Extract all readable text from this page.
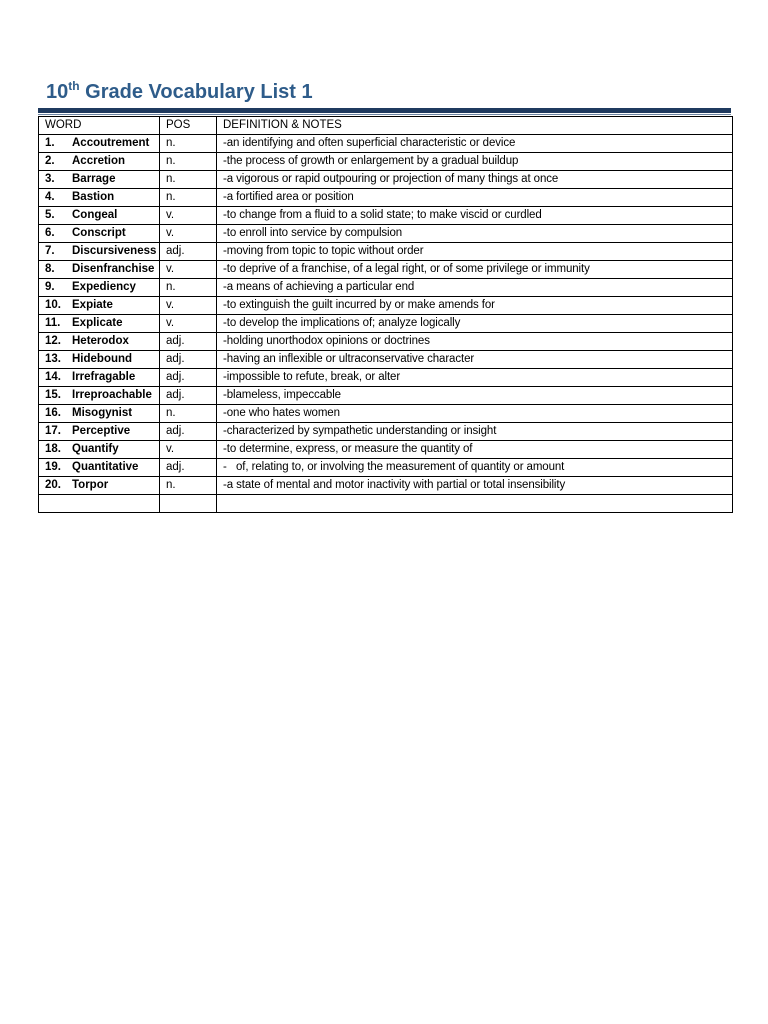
10th Grade Vocabulary List 1
WORD	POS	DEFINITION & NOTES
1. Accoutrement	n.	-an identifying and often superficial characteristic or device
2. Accretion	n.	-the process of growth or enlargement by a gradual buildup
3. Barrage	n.	-a vigorous or rapid outpouring or projection of many things at once
4. Bastion	n.	-a fortified area or position
5. Congeal	v.	-to change from a fluid to a solid state; to make viscid or curdled
6. Conscript	v.	-to enroll into service by compulsion
7. Discursiveness	adj.	-moving from topic to topic without order
8. Disenfranchise	v.	-to deprive of a franchise, of a legal right, or of some privilege or immunity
9. Expediency	n.	-a means of achieving a particular end
10. Expiate	v.	-to extinguish the guilt incurred by or make amends for
11. Explicate	v.	-to develop the implications of; analyze logically
12. Heterodox	adj.	-holding unorthodox opinions or doctrines
13. Hidebound	adj.	-having an inflexible or ultraconservative character
14. Irrefragable	adj.	-impossible to refute, break, or alter
15. Irreproachable	adj.	-blameless, impeccable
16. Misogynist	n.	-one who hates women
17. Perceptive	adj.	-characterized by sympathetic understanding or insight
18. Quantify	v.	-to determine, express, or measure the quantity of
19. Quantitative	adj.	-   of, relating to, or involving the measurement of quantity or amount
20. Torpor	n.	-a state of mental and motor inactivity with partial or total insensibility
